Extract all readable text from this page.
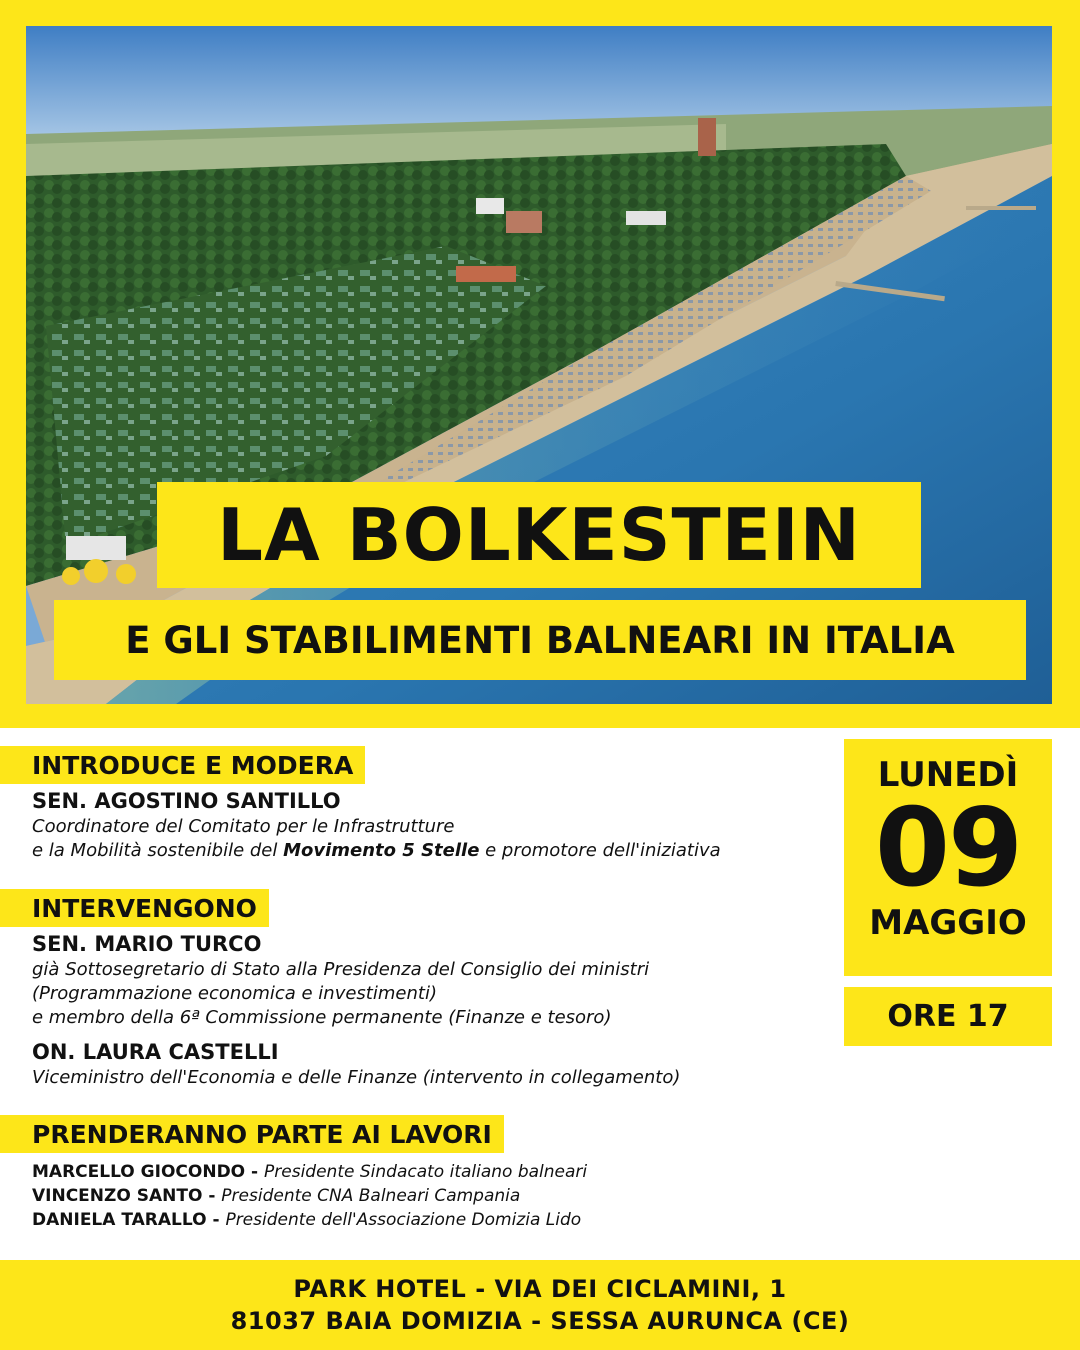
LA BOLKESTEIN
E GLI STABILIMENTI BALNEARI IN ITALIA
INTRODUCE E MODERA
SEN. AGOSTINO SANTILLO
Coordinatore del Comitato per le Infrastrutture
e la Mobilità sostenibile del Movimento 5 Stelle e promotore dell'iniziativa
INTERVENGONO
SEN. MARIO TURCO
già Sottosegretario di Stato alla Presidenza del Consiglio dei ministri
(Programmazione economica e investimenti)
e membro della 6ª Commissione permanente (Finanze e tesoro)
ON. LAURA CASTELLI
Viceministro dell'Economia e delle Finanze (intervento in collegamento)
PRENDERANNO PARTE AI LAVORI
MARCELLO GIOCONDO - Presidente Sindacato italiano balneari
VINCENZO SANTO - Presidente CNA Balneari Campania
DANIELA TARALLO - Presidente dell'Associazione Domizia Lido
LUNEDÌ
09
MAGGIO
ORE 17
PARK HOTEL - VIA DEI CICLAMINI, 1
81037 BAIA DOMIZIA - SESSA AURUNCA (CE)
